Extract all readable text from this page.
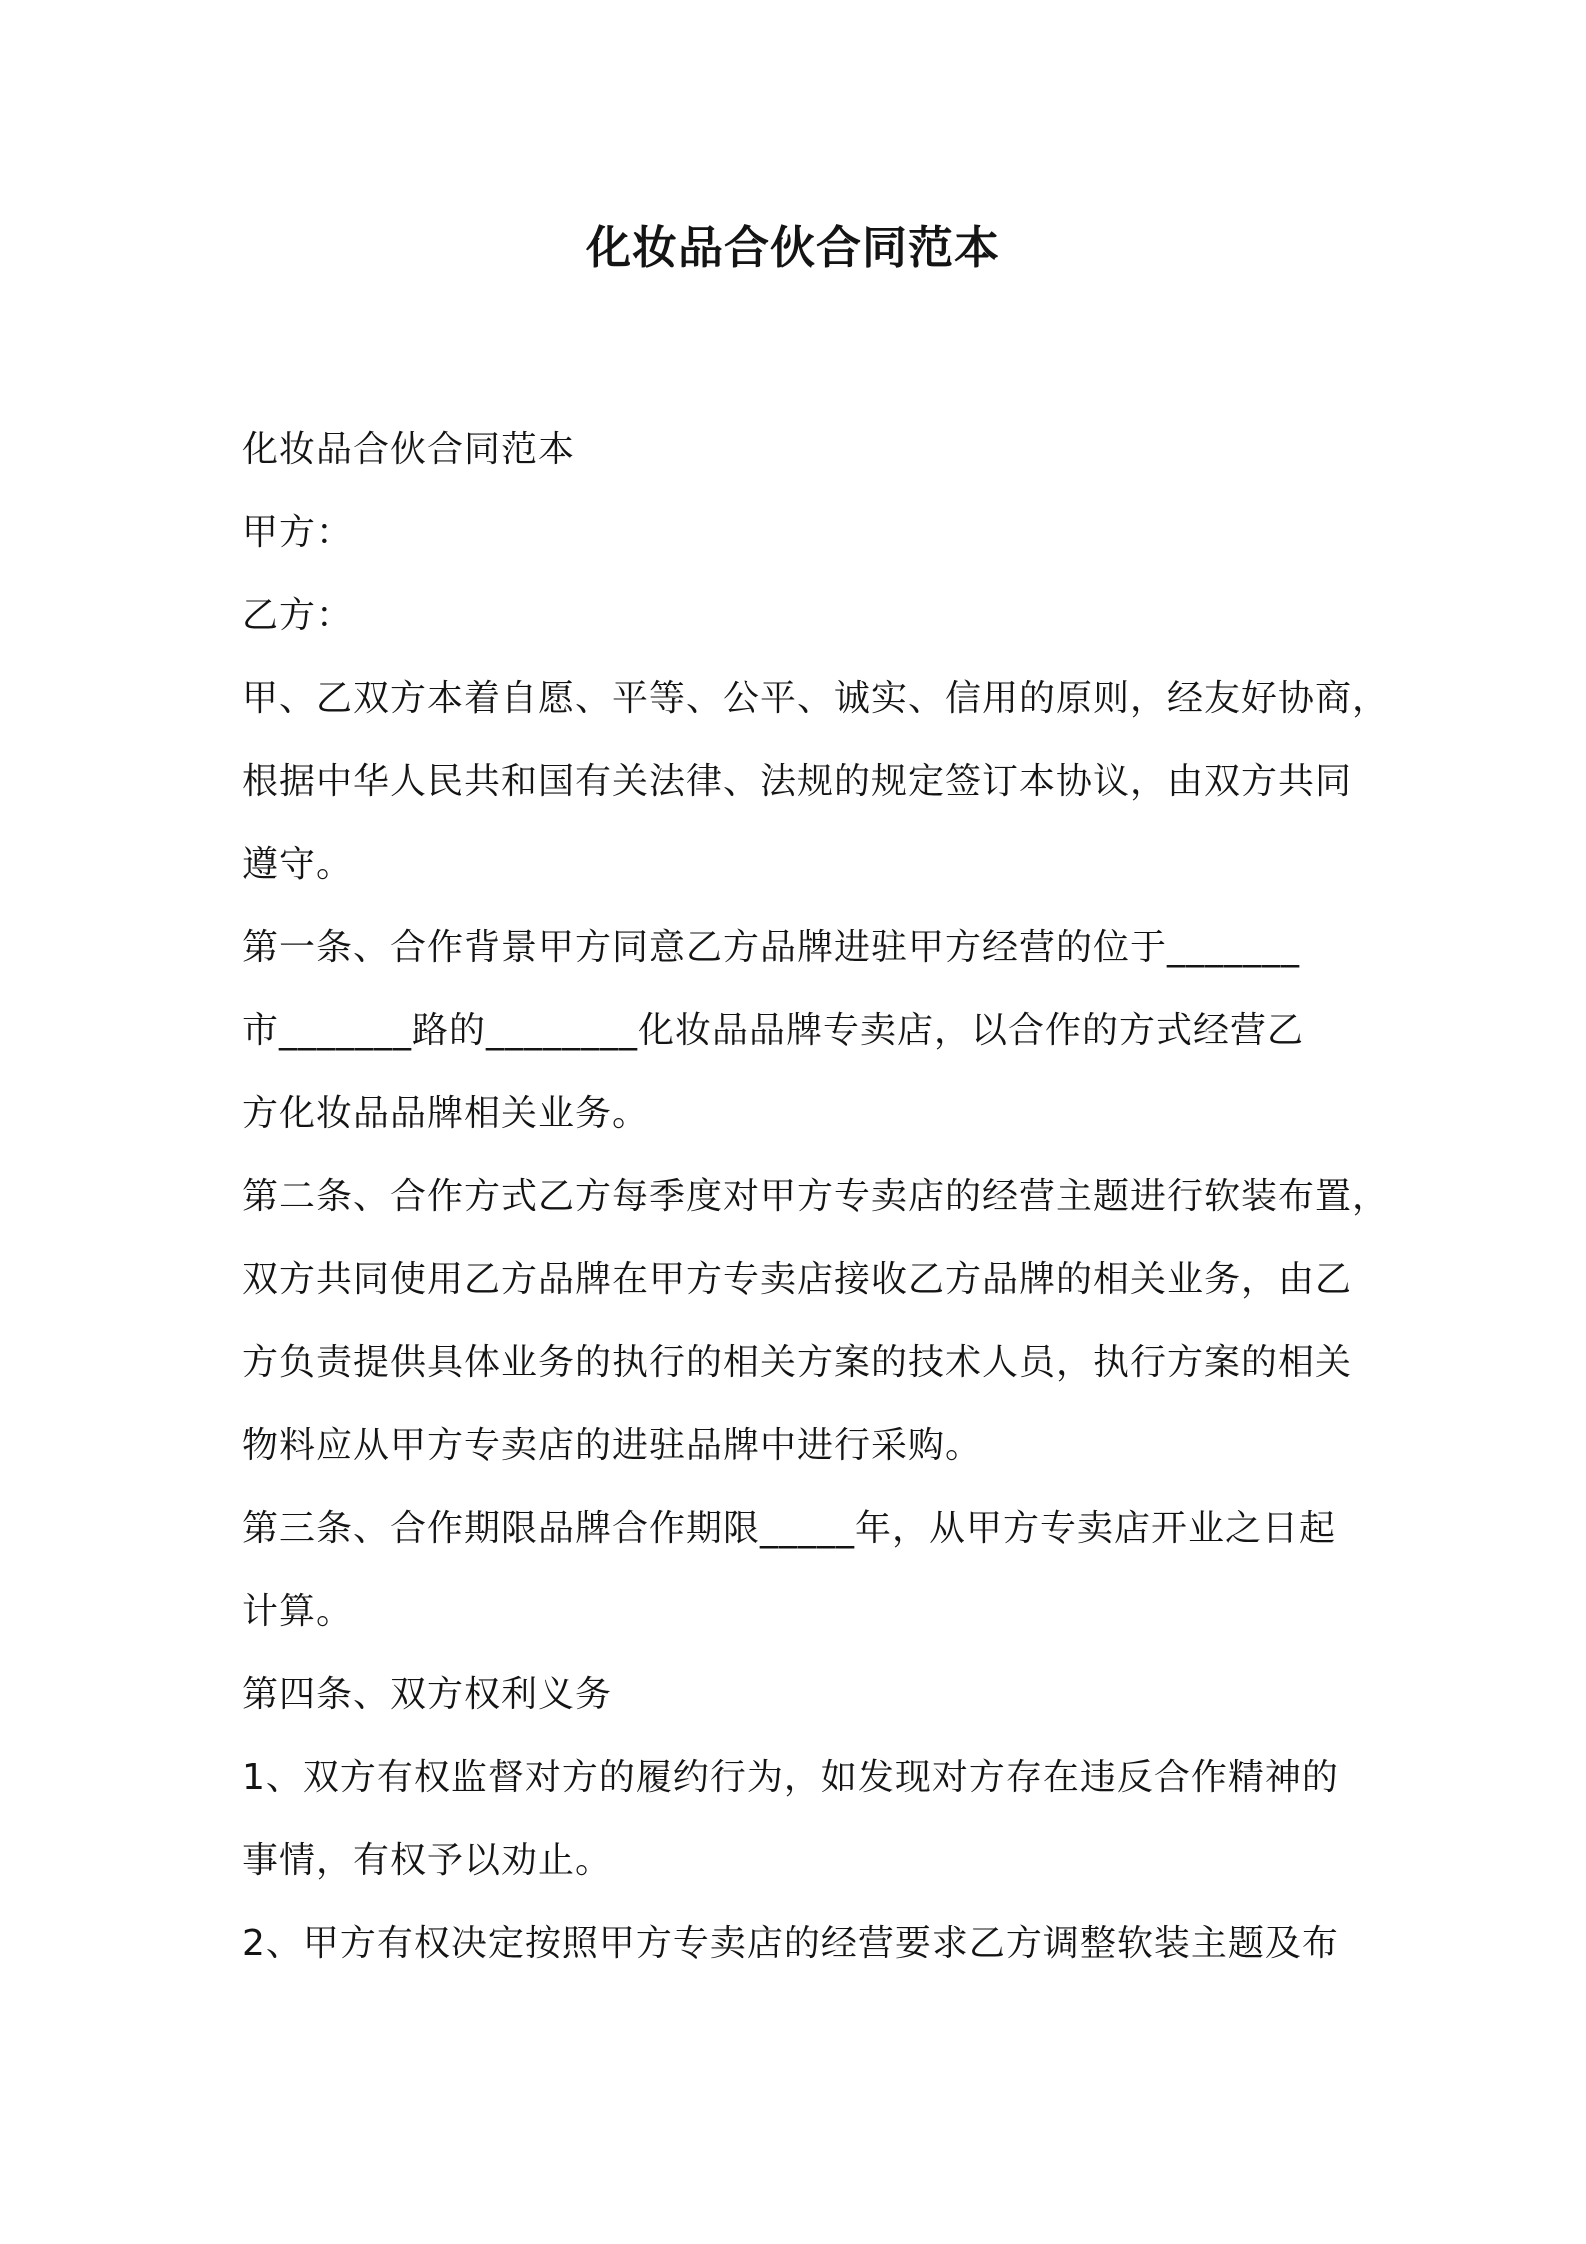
化妆品合伙合同范本
化妆品合伙合同范本
甲方：
乙方：
甲、乙双方本着自愿、平等、公平、诚实、信用的原则，经友好协商，
根据中华人民共和国有关法律、法规的规定签订本协议，由双方共同
遵守。
第一条、合作背景甲方同意乙方品牌进驻甲方经营的位于_______
市_______路的________化妆品品牌专卖店，以合作的方式经营乙
方化妆品品牌相关业务。
第二条、合作方式乙方每季度对甲方专卖店的经营主题进行软装布置，
双方共同使用乙方品牌在甲方专卖店接收乙方品牌的相关业务，由乙
方负责提供具体业务的执行的相关方案的技术人员，执行方案的相关
物料应从甲方专卖店的进驻品牌中进行采购。
第三条、合作期限品牌合作期限_____年，从甲方专卖店开业之日起
计算。
第四条、双方权利义务
1、双方有权监督对方的履约行为，如发现对方存在违反合作精神的
事情，有权予以劝止。
2、甲方有权决定按照甲方专卖店的经营要求乙方调整软装主题及布
